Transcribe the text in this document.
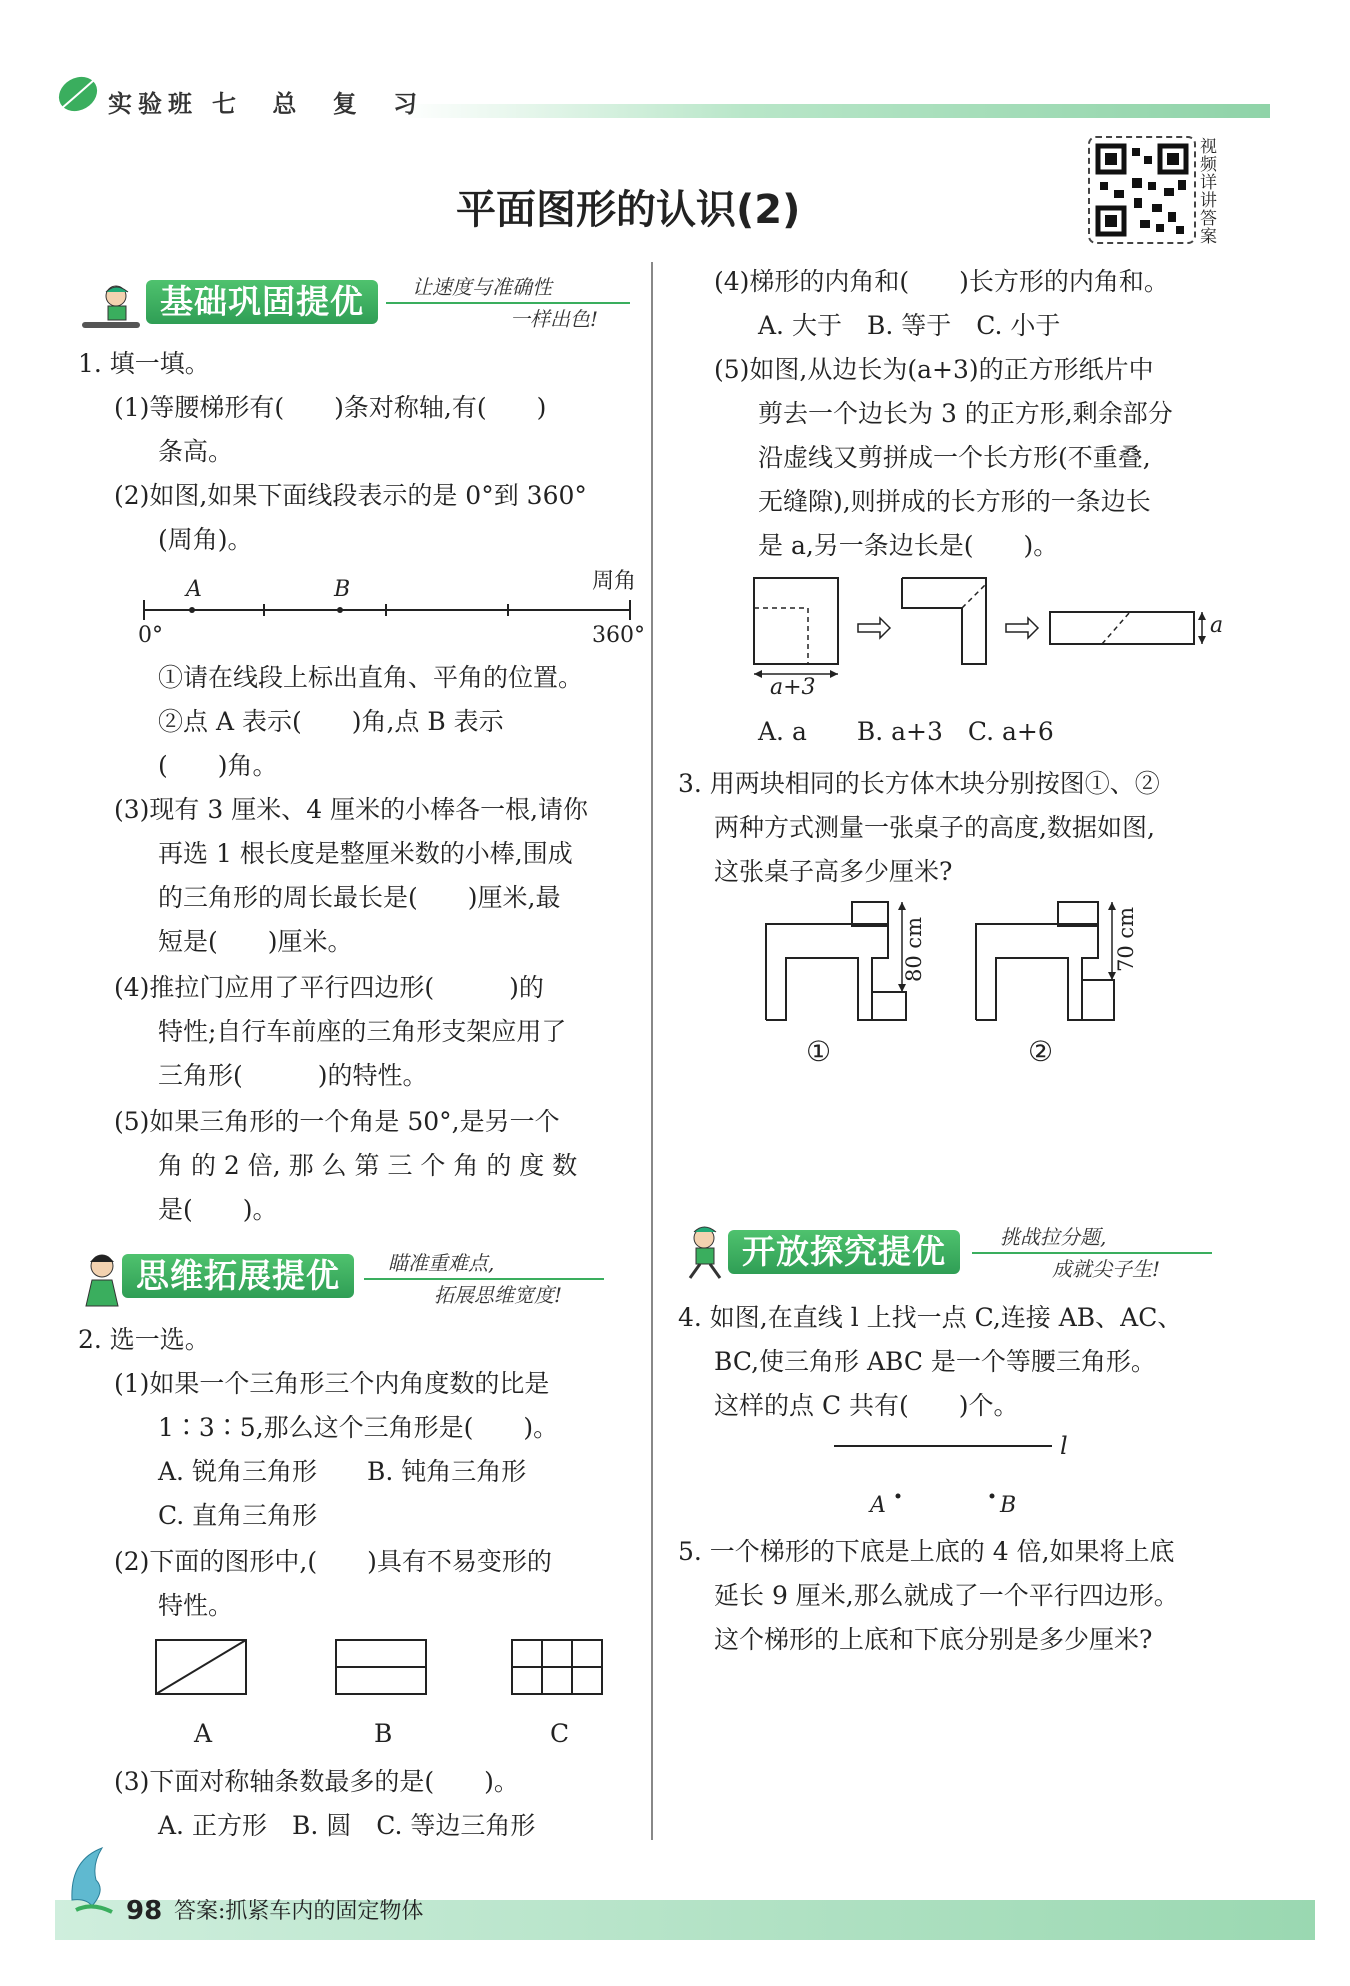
实验班 七 总 复 习
平面图形的认识(2)
视频详讲答案
基础巩固提优	让速度与准确性
一样出色!
1. 填一填。
(1)等腰梯形有(　　)条对称轴,有(　　)
条高。
(2)如图,如果下面线段表示的是 0°到 360°
(周角)。
A	B	周角
0°	360°
①请在线段上标出直角、平角的位置。
②点 A 表示(　　)角,点 B 表示
(　　)角。
(3)现有 3 厘米、4 厘米的小棒各一根,请你
再选 1 根长度是整厘米数的小棒,围成
的三角形的周长最长是(　　)厘米,最
短是(　　)厘米。
(4)推拉门应用了平行四边形(　　　)的
特性;自行车前座的三角形支架应用了
三角形(　　　)的特性。
(5)如果三角形的一个角是 50°,是另一个
角 的 2 倍, 那 么 第 三 个 角 的 度 数
是(　　)。
思维拓展提优	瞄准重难点,
拓展思维宽度!
2. 选一选。
(1)如果一个三角形三个内角度数的比是
1∶3∶5,那么这个三角形是(　　)。
A. 锐角三角形　　B. 钝角三角形
C. 直角三角形
(2)下面的图形中,(　　)具有不易变形的
特性。
A	B	C
(3)下面对称轴条数最多的是(　　)。
A. 正方形　B. 圆　C. 等边三角形
(4)梯形的内角和(　　)长方形的内角和。
A. 大于　B. 等于　C. 小于
(5)如图,从边长为(a+3)的正方形纸片中
剪去一个边长为 3 的正方形,剩余部分
沿虚线又剪拼成一个长方形(不重叠,
无缝隙),则拼成的长方形的一条边长
是 a,另一条边长是(　　)。
a+3
a
A. a　　B. a+3　C. a+6
3. 用两块相同的长方体木块分别按图①、②
两种方式测量一张桌子的高度,数据如图,
这张桌子高多少厘米?
80 cm	70 cm
①	②
开放探究提优	挑战拉分题,
成就尖子生!
4. 如图,在直线 l 上找一点 C,连接 AB、AC、
BC,使三角形 ABC 是一个等腰三角形。
这样的点 C 共有(　　)个。
l
A	B
5. 一个梯形的下底是上底的 4 倍,如果将上底
延长 9 厘米,那么就成了一个平行四边形。
这个梯形的上底和下底分别是多少厘米?
98 答案:抓紧车内的固定物体
